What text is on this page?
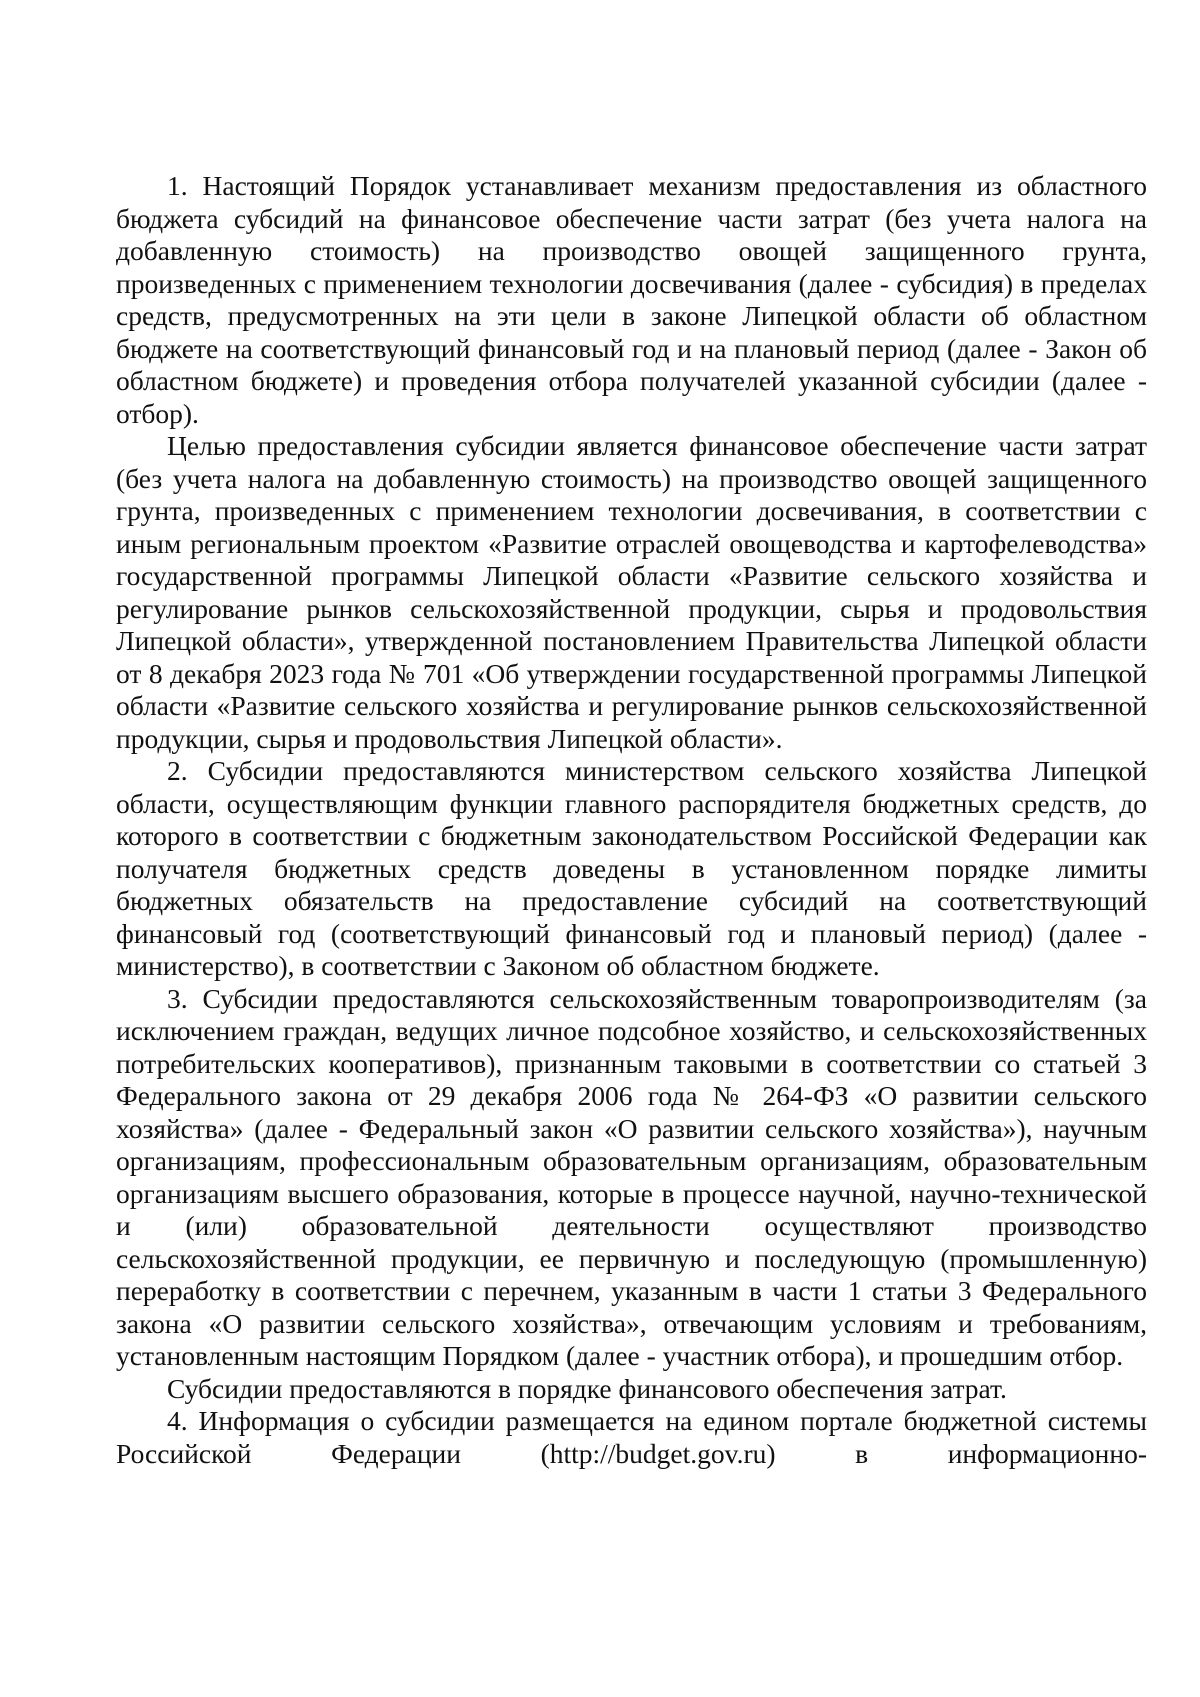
1. Настоящий Порядок устанавливает механизм предоставления из областного бюджета субсидий на финансовое обеспечение части затрат (без учета налога на добавленную стоимость) на производство овощей защищенного грунта, произведенных с применением технологии досвечивания (далее - субсидия) в пределах средств, предусмотренных на эти цели в законе Липецкой области об областном бюджете на соответствующий финансовый год и на плановый период (далее - Закон об областном бюджете) и проведения отбора получателей указанной субсидии (далее - отбор).

Целью предоставления субсидии является финансовое обеспечение части затрат (без учета налога на добавленную стоимость) на производство овощей защищенного грунта, произведенных с применением технологии досвечивания, в соответствии с иным региональным проектом «Развитие отраслей овощеводства и картофелеводства» государственной программы Липецкой области «Развитие сельского хозяйства и регулирование рынков сельскохозяйственной продукции, сырья и продовольствия Липецкой области», утвержденной постановлением Правительства Липецкой области от 8 декабря 2023 года № 701 «Об утверждении государственной программы Липецкой области «Развитие сельского хозяйства и регулирование рынков сельскохозяйственной продукции, сырья и продовольствия Липецкой области».

2. Субсидии предоставляются министерством сельского хозяйства Липецкой области, осуществляющим функции главного распорядителя бюджетных средств, до которого в соответствии с бюджетным законодательством Российской Федерации как получателя бюджетных средств доведены в установленном порядке лимиты бюджетных обязательств на предоставление субсидий на соответствующий финансовый год (соответствующий финансовый год и плановый период) (далее - министерство), в соответствии с Законом об областном бюджете.

3. Субсидии предоставляются сельскохозяйственным товаропроизводителям (за исключением граждан, ведущих личное подсобное хозяйство, и сельскохозяйственных потребительских кооперативов), признанным таковыми в соответствии со статьей 3 Федерального закона от 29 декабря 2006 года № 264-ФЗ «О развитии сельского хозяйства» (далее - Федеральный закон «О развитии сельского хозяйства»), научным организациям, профессиональным образовательным организациям, образовательным организациям высшего образования, которые в процессе научной, научно-технической и (или) образовательной деятельности осуществляют производство сельскохозяйственной продукции, ее первичную и последующую (промышленную) переработку в соответствии с перечнем, указанным в части 1 статьи 3 Федерального закона «О развитии сельского хозяйства», отвечающим условиям и требованиям, установленным настоящим Порядком (далее - участник отбора), и прошедшим отбор.

Субсидии предоставляются в порядке финансового обеспечения затрат.

4. Информация о субсидии размещается на едином портале бюджетной системы Российской Федерации (http://budget.gov.ru) в информационно-
